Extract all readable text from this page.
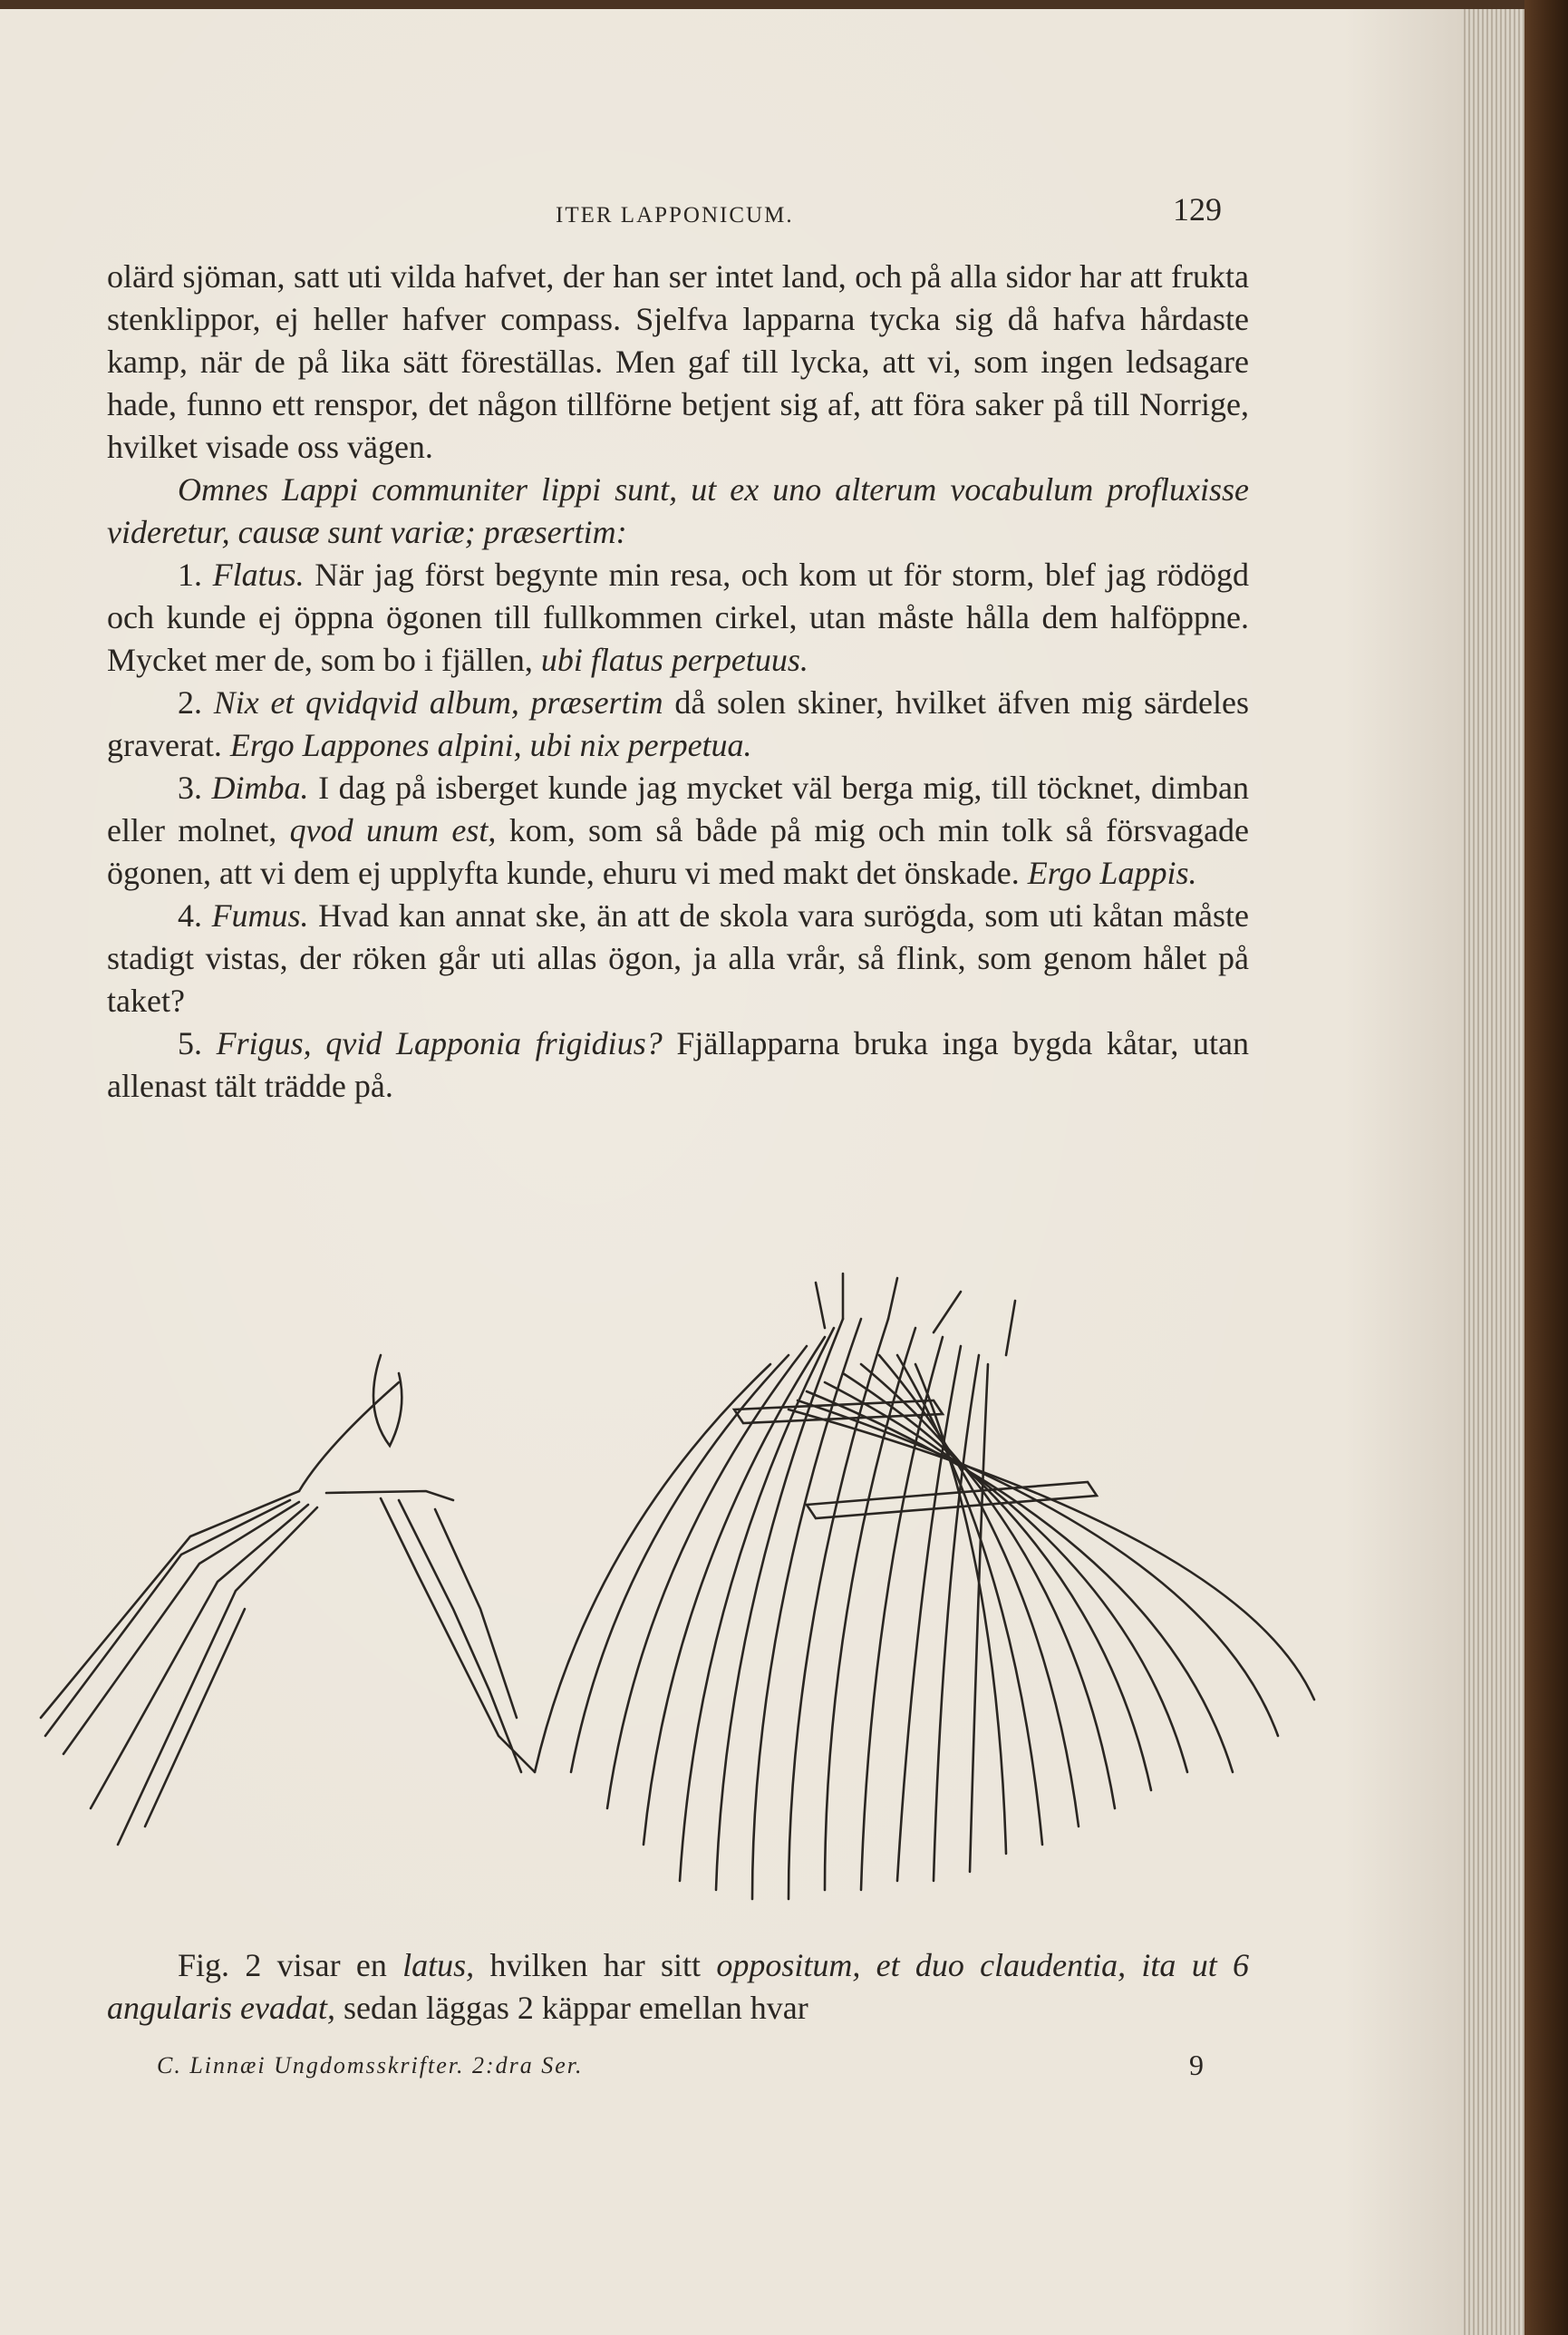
ITER LAPPONICUM.	129

olärd sjöman, satt uti vilda hafvet, der han ser intet land, och på alla sidor har att frukta stenklippor, ej heller hafver compass. Sjelfva lapparna tycka sig då hafva hårdaste kamp, när de på lika sätt föreställas. Men gaf till lycka, att vi, som ingen ledsagare hade, funno ett renspor, det någon tillförne betjent sig af, att föra saker på till Norrige, hvilket visade oss vägen.

Omnes Lappi communiter lippi sunt, ut ex uno alterum vocabulum profluxisse videretur, causæ sunt variæ; præsertim:

1. Flatus. När jag först begynte min resa, och kom ut för storm, blef jag rödögd och kunde ej öppna ögonen till fullkommen cirkel, utan måste hålla dem halföppne. Mycket mer de, som bo i fjällen, ubi flatus perpetuus.

2. Nix et qvidqvid album, præsertim då solen skiner, hvilket äfven mig särdeles graverat. Ergo Lappones alpini, ubi nix perpetua.

3. Dimba. I dag på isberget kunde jag mycket väl berga mig, till töcknet, dimban eller molnet, qvod unum est, kom, som så både på mig och min tolk så försvagade ögonen, att vi dem ej upplyfta kunde, ehuru vi med makt det önskade. Ergo Lappis.

4. Fumus. Hvad kan annat ske, än att de skola vara surögda, som uti kåtan måste stadigt vistas, der röken går uti allas ögon, ja alla vrår, så flink, som genom hålet på taket?

5. Frigus, qvid Lapponia frigidius? Fjällapparna bruka inga bygda kåtar, utan allenast tält trädde på.

Fig. 2 visar en latus, hvilken har sitt oppositum, et duo claudentia, ita ut 6 angularis evadat, sedan läggas 2 käppar emellan hvar

C. Linnæi Ungdomsskrifter. 2:dra Ser.	9
